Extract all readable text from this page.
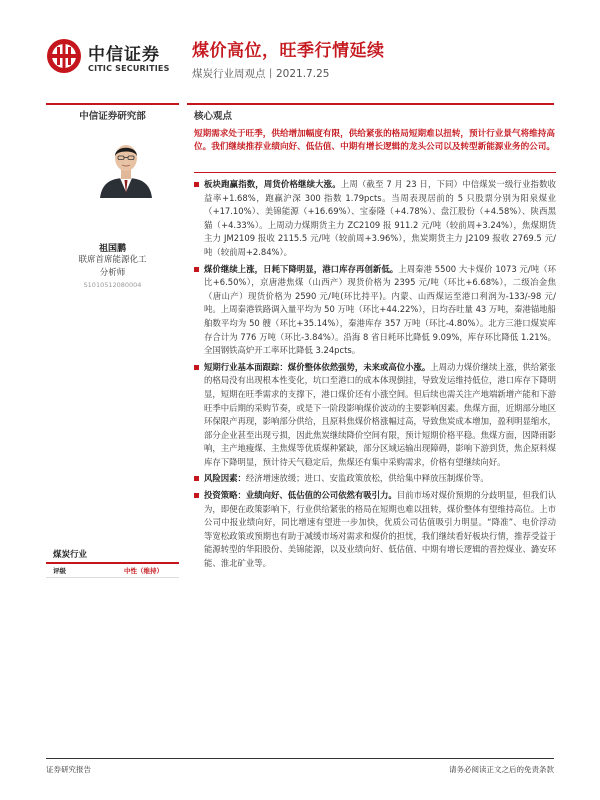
中信证券
CITIC SECURITIES
煤价高位，旺季行情延续
煤炭行业周观点丨2021.7.25
中信证券研究部	核心观点
祖国鹏
联席首席能源化工
分析师
S1010512080004
煤炭行业
评级	中性（维持）
短期需求处于旺季，供给增加幅度有限，供给紧张的格局短期难以扭转，预计行业景气将维持高位。我们继续推荐业绩向好、低估值、中期有增长逻辑的龙头公司以及转型新能源业务的公司。
板块跑赢指数，周货价格继续大涨。上周（截至 7 月 23 日，下同）中信煤炭一级行业指数收益率+1.68%，跑赢沪深 300 指数 1.79pcts。当周表现居前的 5 只股票分别为阳泉煤业（+17.10%）、美锦能源（+16.69%）、宝泰隆（+4.78%）、盘江股份（+4.58%）、陕西黑猫（+4.33%）。上周动力煤期货主力 ZC2109 报 911.2 元/吨（较前周+3.24%），焦煤期货主力 JM2109 报收 2115.5 元/吨（较前周+3.96%），焦炭期货主力 J2109 报收 2769.5 元/吨（较前周+2.84%）。
煤价继续上涨，日耗下降明显，港口库存再创新低。上周秦港 5500 大卡煤价 1073 元/吨（环比+6.50%），京唐港焦煤（山西产）现货价格为 2395 元/吨（环比+6.68%），二级冶金焦（唐山产）现货价格为 2590 元/吨(环比持平)。内蒙、山西煤运至港口利润为-133/-98 元/吨。上周秦港铁路调入量平均为 50 万吨（环比+44.22%），日均吞吐量 43 万吨，秦港锚地船舶数平均为 50 艘（环比+35.14%），秦港库存 357 万吨（环比-4.80%）。北方三港口煤炭库存合计为 776 万吨（环比-3.84%）。沿海 8 省日耗环比降低 9.09%，库存环比降低 1.21%。全国钢铁高炉开工率环比降低 3.24pcts。
短期行业基本面跟踪：煤价整体依然强势，未来或高位小涨。上周动力煤价继续上涨，供给紧张的格局没有出现根本性变化，坑口至港口的成本体现倒挂，导致发运维持低位，港口库存下降明显，短期在旺季需求的支撑下，港口煤价还有小涨空间。但后续也需关注产地端新增产能和下游旺季中后期的采购节奏，或是下一阶段影响煤价波动的主要影响因素。焦煤方面，近期部分地区环保限产再现，影响部分供给，且原料焦煤价格涨幅过高，导致焦炭成本增加，盈利明显缩水，部分企业甚至出现亏损，因此焦炭继续降价空间有限，预计短期价格平稳。焦煤方面，因降雨影响，主产地瘦煤、主焦煤等优质煤种紧缺，部分区域运输出现障碍，影响下游到货，焦企原料煤库存下降明显，预计待天气稳定后，焦煤还有集中采购需求，价格有望继续向好。
风险因素：经济增速放缓；进口、安监政策放松，供给集中释放压制煤价等。
投资策略：业绩向好、低估值的公司依然有吸引力。目前市场对煤价预期的分歧明显，但我们认为，即便在政策影响下，行业供给紧张的格局在短期也难以扭转，煤价整体有望维持高位。上市公司中报业绩向好，同比增速有望进一步加快，优质公司估值吸引力明显。“降准”、电价浮动等宽松政策或预期也有助于减缓市场对需求和煤价的担忧，我们继续看好板块行情，推荐受益于能源转型的华阳股份、美锦能源，以及业绩向好、低估值、中期有增长逻辑的晋控煤业、潞安环能、淮北矿业等。
证券研究报告	请务必阅读正文之后的免责条款
